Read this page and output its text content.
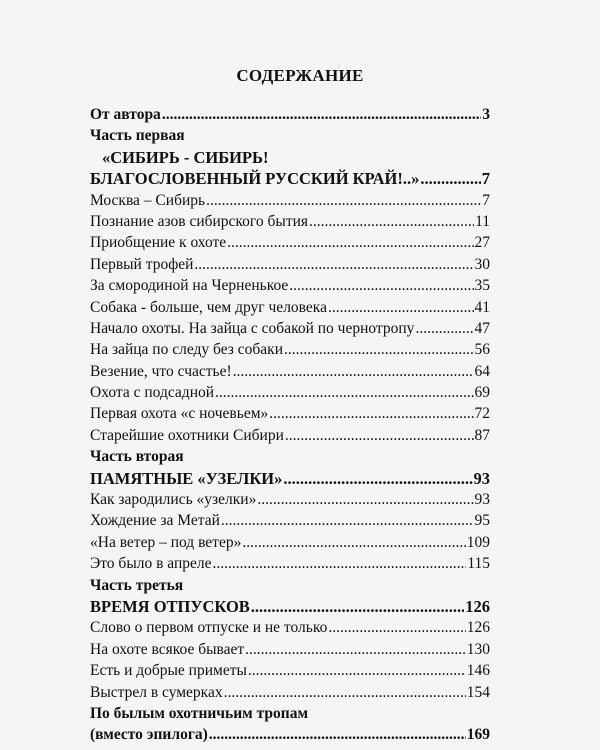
СОДЕРЖАНИЕ
От автора .....	3
Часть первая
«СИБИРЬ - СИБИРЬ!
БЛАГОСЛОВЕННЫЙ РУССКИЙ КРАЙ!..» .....	7
Москва – Сибирь .....	7
Познание азов сибирского бытия .....	11
Приобщение к охоте .....	27
Первый трофей .....	30
За смородиной на Черненькое .....	35
Собака - больше, чем друг человека .....	41
Начало охоты. На зайца с собакой по чернотропу .....	47
На зайца по следу без собаки .....	56
Везение, что счастье! .....	64
Охота с подсадной .....	69
Первая охота «с ночевьем» .....	72
Старейшие охотники Сибири .....	87
Часть вторая
ПАМЯТНЫЕ «УЗЕЛКИ» .....	93
Как зародились «узелки» .....	93
Хождение за Метай .....	95
«На ветер – под ветер» .....	109
Это было в апреле .....	115
Часть третья
ВРЕМЯ ОТПУСКОВ .....	126
Слово о первом отпуске и не только .....	126
На охоте всякое бывает .....	130
Есть и добрые приметы .....	146
Выстрел в сумерках .....	154
По былым охотничьим тропам
(вместо эпилога) .....	169
